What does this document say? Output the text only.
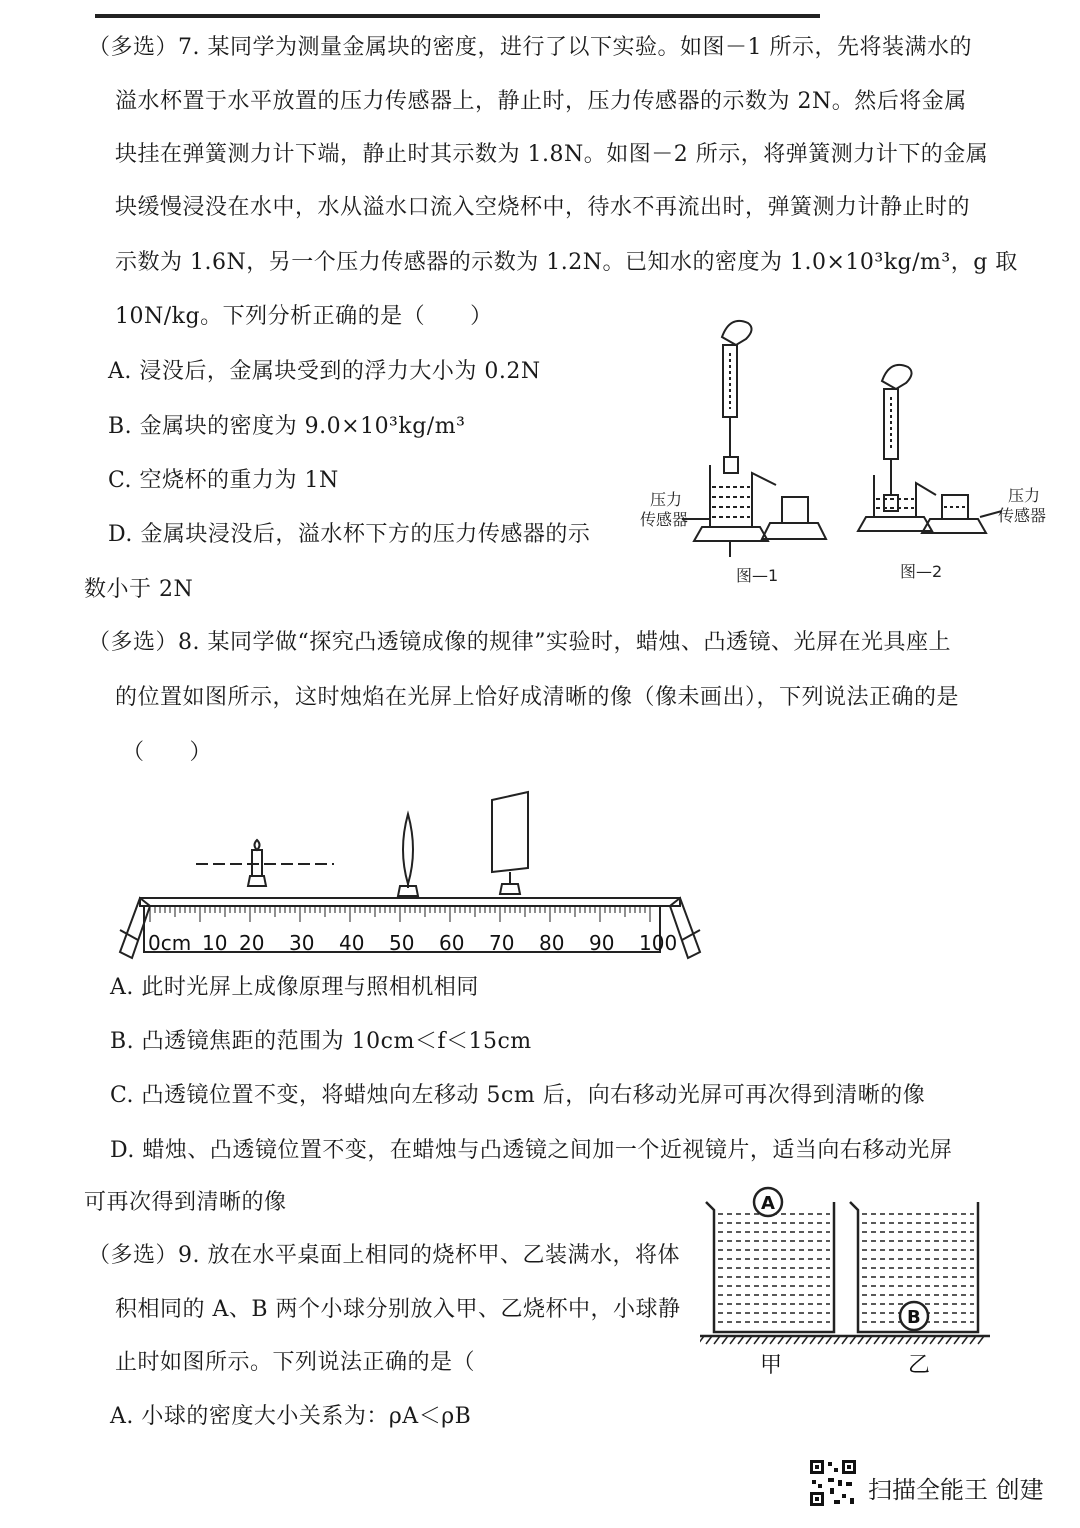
（多选）7. 某同学为测量金属块的密度，进行了以下实验。如图－1 所示，先将装满水的
溢水杯置于水平放置的压力传感器上，静止时，压力传感器的示数为 2N。然后将金属
块挂在弹簧测力计下端，静止时其示数为 1.8N。如图－2 所示，将弹簧测力计下的金属
块缓慢浸没在水中，水从溢水口流入空烧杯中，待水不再流出时，弹簧测力计静止时的
示数为 1.6N，另一个压力传感器的示数为 1.2N。已知水的密度为 1.0×10³kg/m³，g 取
10N/kg。下列分析正确的是（　　）
A. 浸没后，金属块受到的浮力大小为 0.2N
B. 金属块的密度为 9.0×10³kg/m³
C. 空烧杯的重力为 1N
D. 金属块浸没后，溢水杯下方的压力传感器的示
数小于 2N
压力
传感器
压力
传感器
图—1	图—2
（多选）8. 某同学做“探究凸透镜成像的规律”实验时，蜡烛、凸透镜、光屏在光具座上
的位置如图所示，这时烛焰在光屏上恰好成清晰的像（像未画出），下列说法正确的是
（　　）
0cm 10 20 30 40 50 60 70 80 90 100
A. 此时光屏上成像原理与照相机相同
B. 凸透镜焦距的范围为 10cm＜f＜15cm
C. 凸透镜位置不变，将蜡烛向左移动 5cm 后，向右移动光屏可再次得到清晰的像
D. 蜡烛、凸透镜位置不变，在蜡烛与凸透镜之间加一个近视镜片，适当向右移动光屏
可再次得到清晰的像
（多选）9. 放在水平桌面上相同的烧杯甲、乙装满水，将体
积相同的 A、B 两个小球分别放入甲、乙烧杯中，小球静
止时如图所示。下列说法正确的是（
A. 小球的密度大小关系为：ρA＜ρB
A
B
甲	乙
扫描全能王 创建
